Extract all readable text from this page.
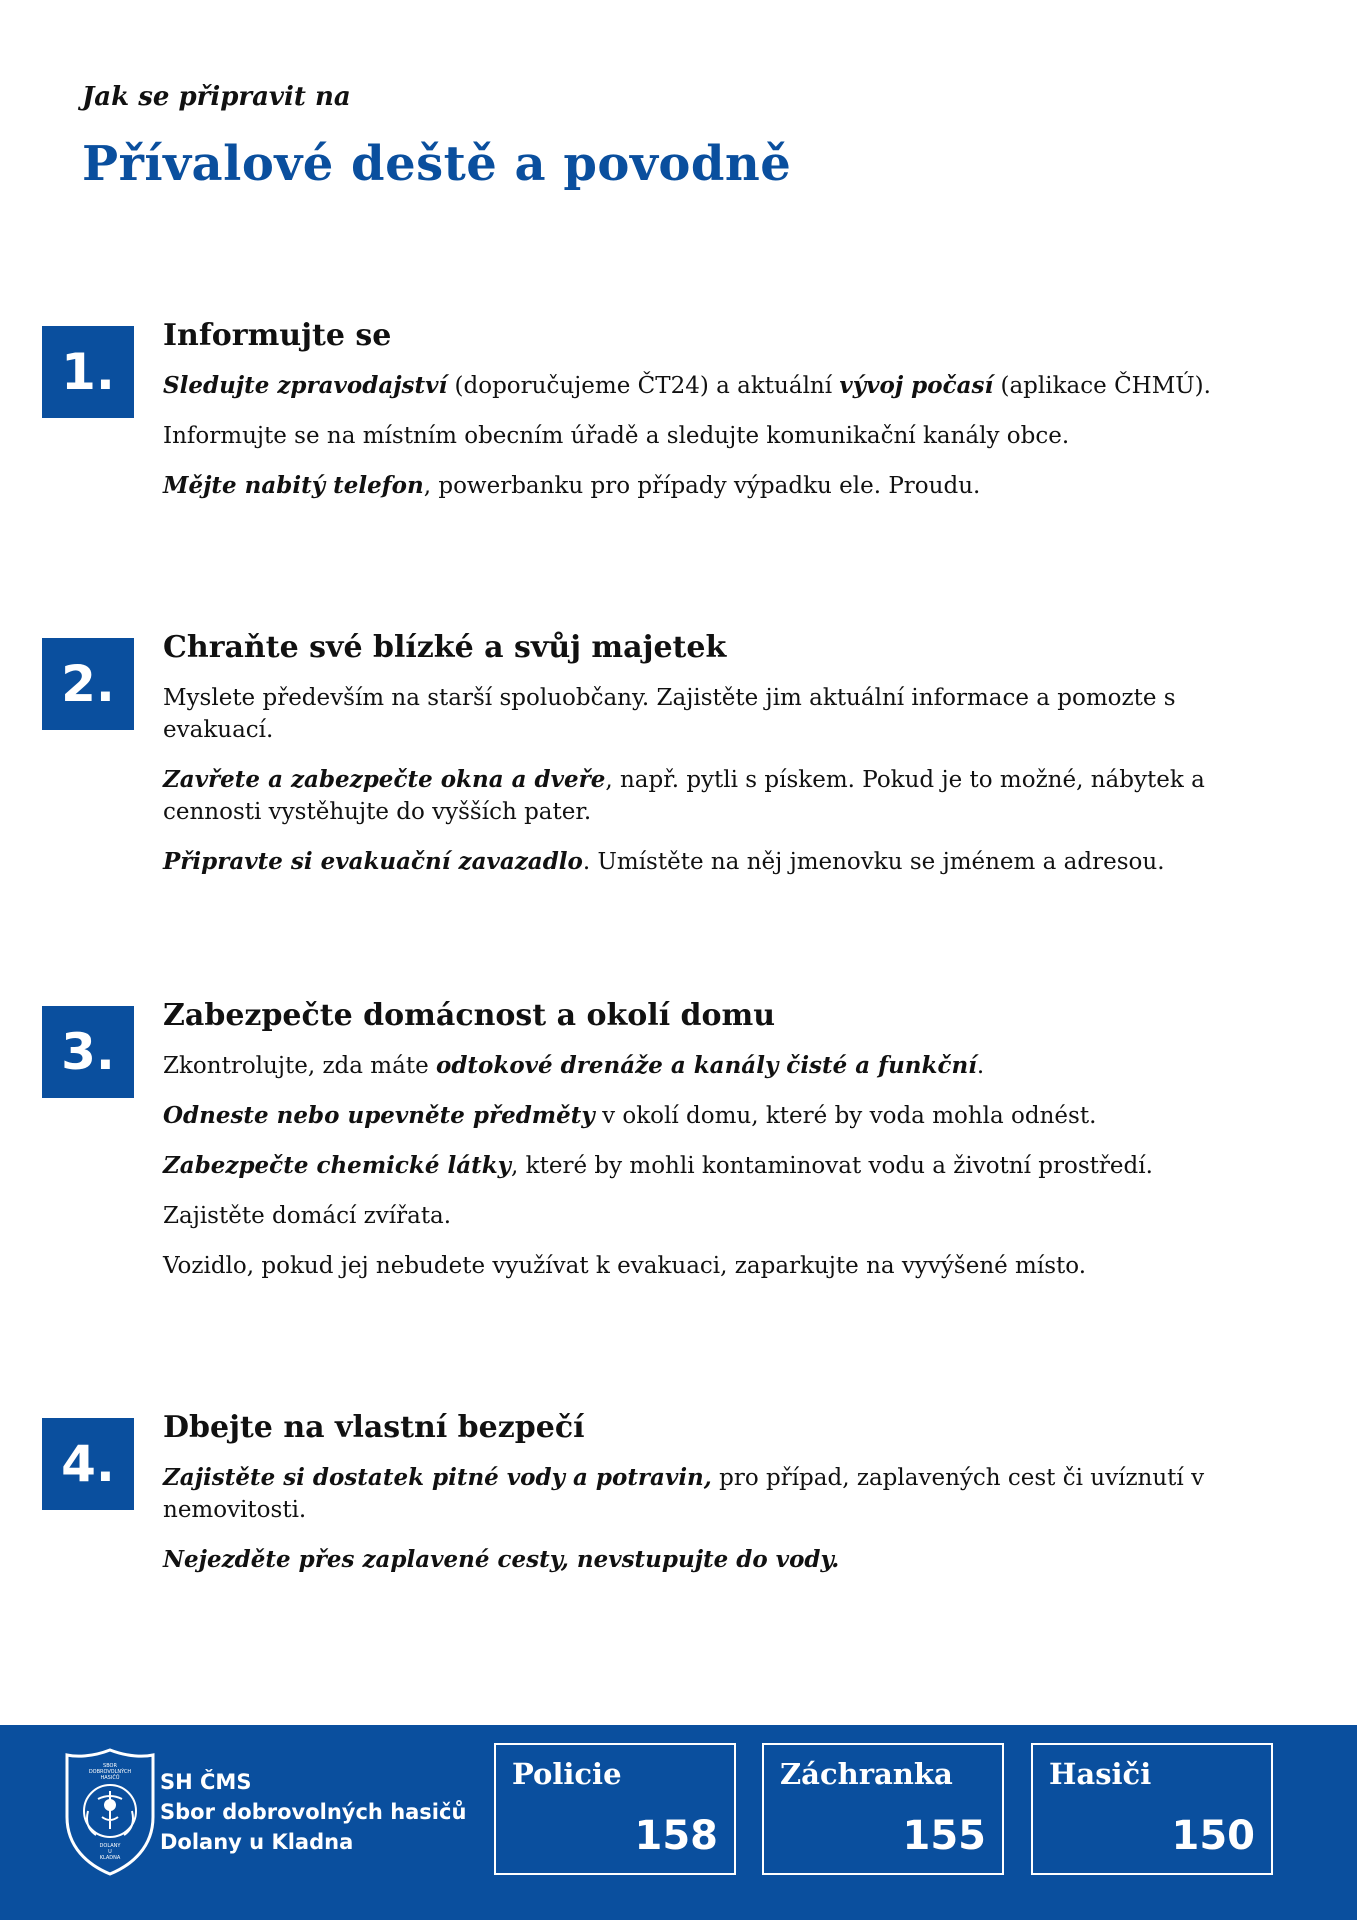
Jak se připravit na
Přívalové deště a povodně
1.
Informujte se

Sledujte zpravodajství (doporučujeme ČT24) a aktuální vývoj počasí (aplikace ČHMÚ).

Informujte se na místním obecním úřadě a sledujte komunikační kanály obce.

Mějte nabitý telefon, powerbanku pro případy výpadku ele. Proudu.

2.
Chraňte své blízké a svůj majetek

Myslete především na starší spoluobčany. Zajistěte jim aktuální informace a pomozte s evakuací.

Zavřete a zabezpečte okna a dveře, např. pytli s pískem. Pokud je to možné, nábytek a cennosti vystěhujte do vyšších pater.

Připravte si evakuační zavazadlo. Umístěte na něj jmenovku se jménem a adresou.

3.
Zabezpečte domácnost a okolí domu

Zkontrolujte, zda máte odtokové drenáže a kanály čisté a funkční.

Odneste nebo upevněte předměty v okolí domu, které by voda mohla odnést.

Zabezpečte chemické látky, které by mohli kontaminovat vodu a životní prostředí.

Zajistěte domácí zvířata.

Vozidlo, pokud jej nebudete využívat k evakuaci, zaparkujte na vyvýšené místo.

4.
Dbejte na vlastní bezpečí

Zajistěte si dostatek pitné vody a potravin, pro případ, zaplavených cest či uvíznutí v nemovitosti.

Nejezděte přes zaplavené cesty, nevstupujte do vody.

SBOR
DOBROVOLNÝCH
HASIČŮ
DOLANY
U
KLADNA
SH ČMS
Sbor dobrovolných hasičů
Dolany u Kladna
Policie
158
Záchranka
155
Hasiči
150
